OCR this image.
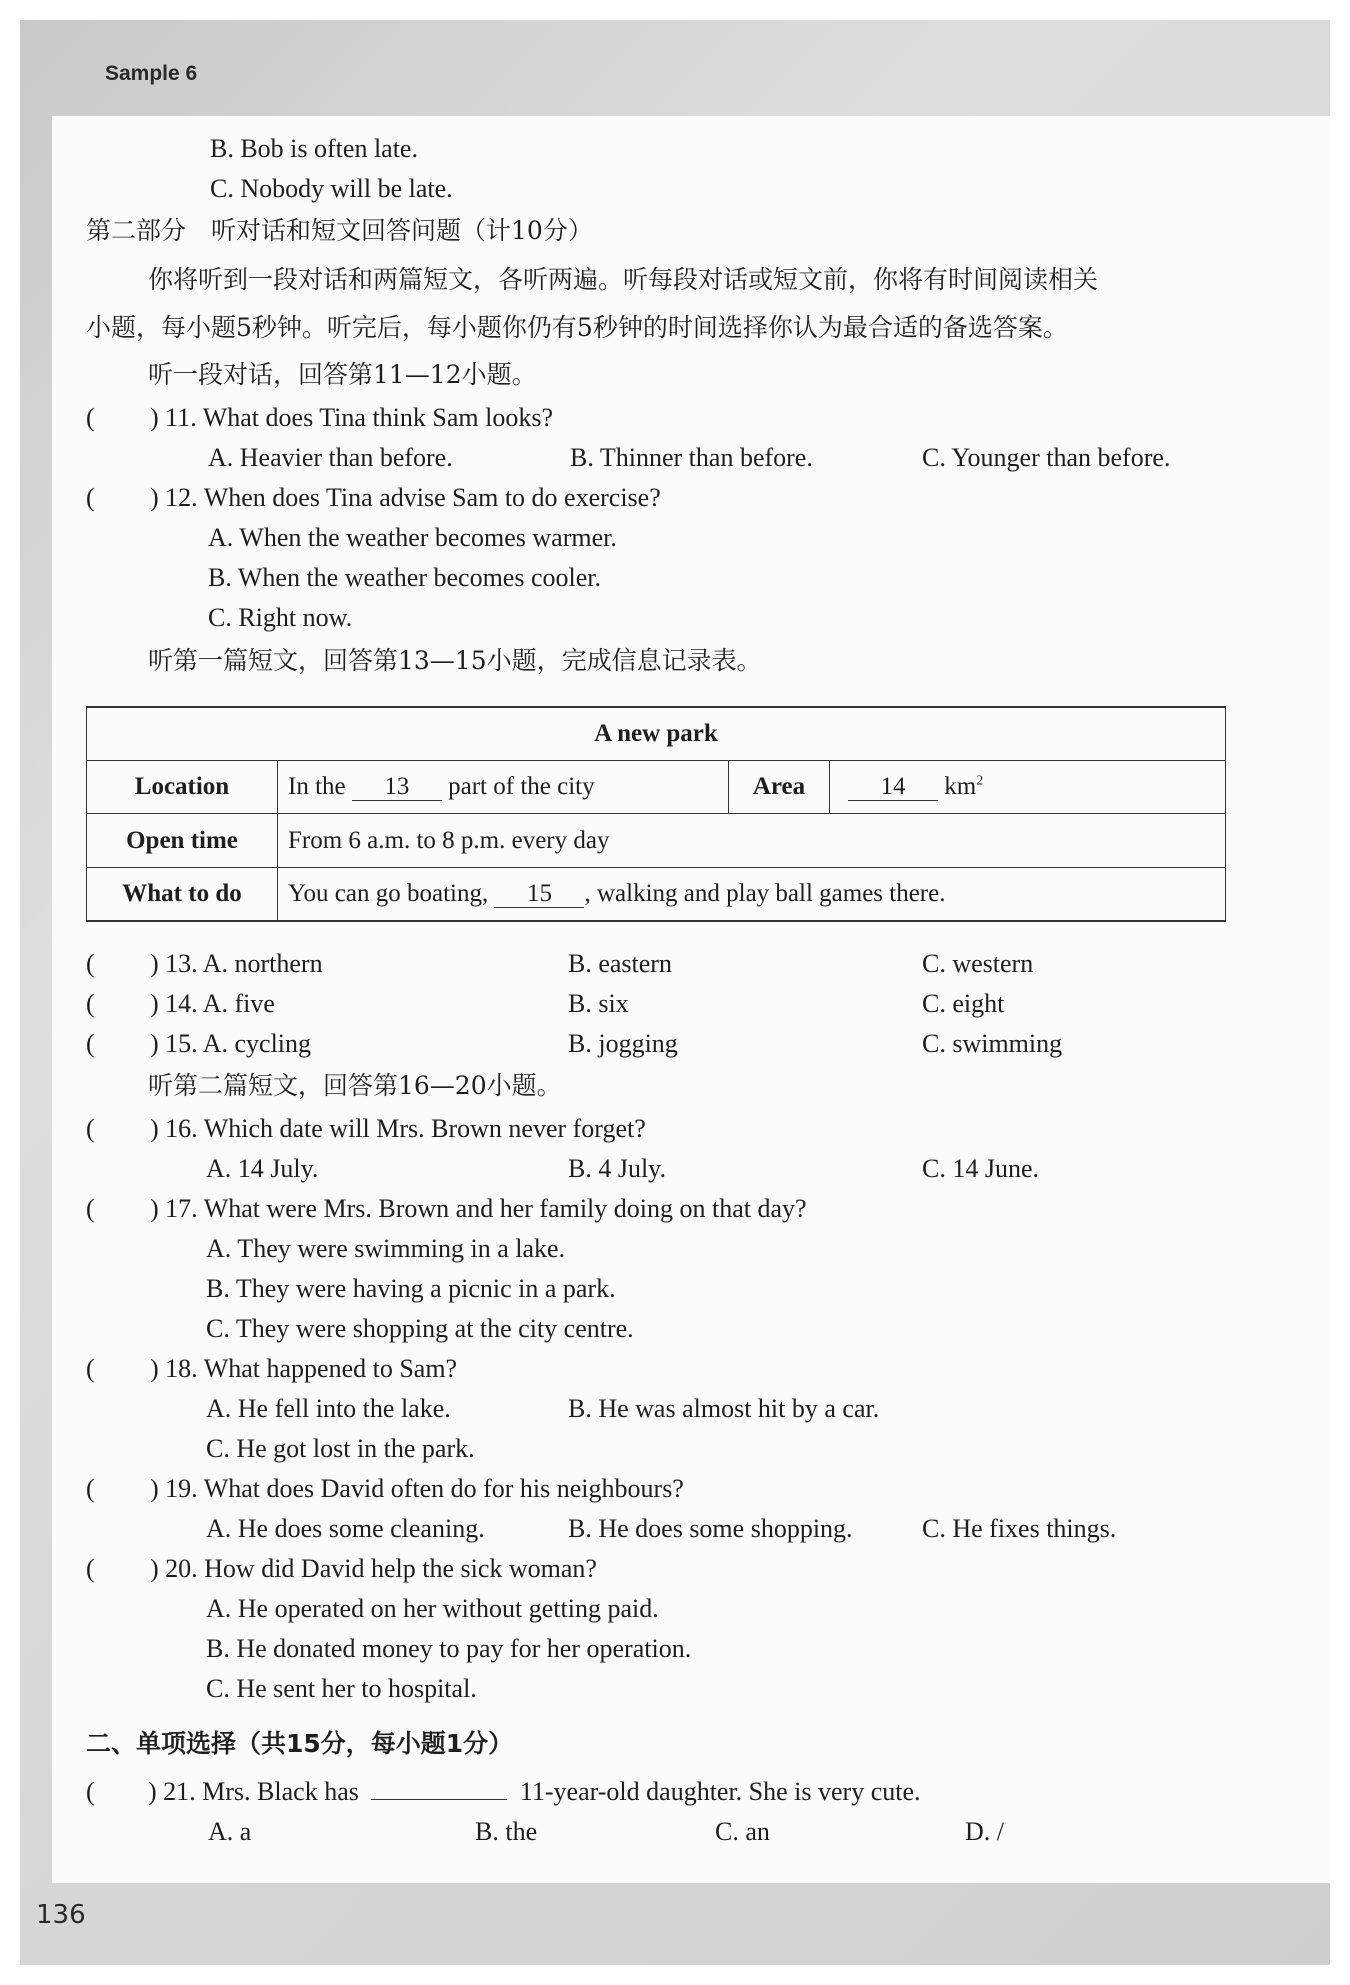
Sample 6
B. Bob is often late.
C. Nobody will be late.
第二部分　听对话和短文回答问题（计10分）
你将听到一段对话和两篇短文，各听两遍。听每段对话或短文前，你将有时间阅读相关
小题，每小题5秒钟。听完后，每小题你仍有5秒钟的时间选择你认为最合适的备选答案。
听一段对话，回答第11—12小题。
( ) 11. What does Tina think Sam looks?
A. Heavier than before.	B. Thinner than before.	C. Younger than before.
( ) 12. When does Tina advise Sam to do exercise?
A. When the weather becomes warmer.
B. When the weather becomes cooler.
C. Right now.
听第一篇短文，回答第13—15小题，完成信息记录表。
A new park			
Location	In the 13 part of the city	Area	14 $km^2$
Open time	From 6 a.m. to 8 p.m. every day		
What to do	You can go boating, 15 , walking and play ball games there.		
( ) 13. A. northern	B. eastern	C. western
( ) 14. A. five	B. six	C. eight
( ) 15. A. cycling	B. jogging	C. swimming
听第二篇短文，回答第16—20小题。
( ) 16. Which date will Mrs. Brown never forget?
A. 14 July.	B. 4 July.	C. 14 June.
( ) 17. What were Mrs. Brown and her family doing on that day?
A. They were swimming in a lake.
B. They were having a picnic in a park.
C. They were shopping at the city centre.
( ) 18. What happened to Sam?
A. He fell into the lake.	B. He was almost hit by a car.
C. He got lost in the park.
( ) 19. What does David often do for his neighbours?
A. He does some cleaning.	B. He does some shopping.	C. He fixes things.
( ) 20. How did David help the sick woman?
A. He operated on her without getting paid.
B. He donated money to pay for her operation.
C. He sent her to hospital.
二、单项选择（共15分，每小题1分）
( ) 21. Mrs. Black has	11-year-old daughter. She is very cute.
A. a	B. the	C. an	D. /
136
